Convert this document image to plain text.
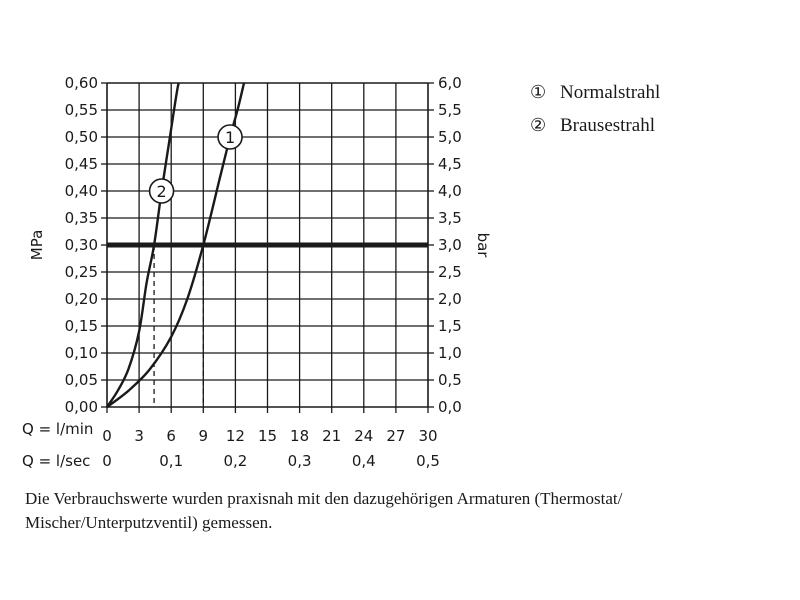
1
2
0,00
0,05
0,10
0,15
0,20
0,25
0,30
0,35
0,40
0,45
0,50
0,55
0,60
0,0
0,5
1,0
1,5
2,0
2,5
3,0
3,5
4,0
4,5
5,0
5,5
6,0
0 3 6 9 12 15 18 21 24 27 30
0	0,1	0,2	0,3	0,4	0,5
Q = l/min
Q = l/sec
MPa	bar
① Normalstrahl
② Brausestrahl
Die Verbrauchswerte wurden praxisnah mit den dazugehörigen Armaturen (Thermostat/
Mischer/Unterputzventil) gemessen.
